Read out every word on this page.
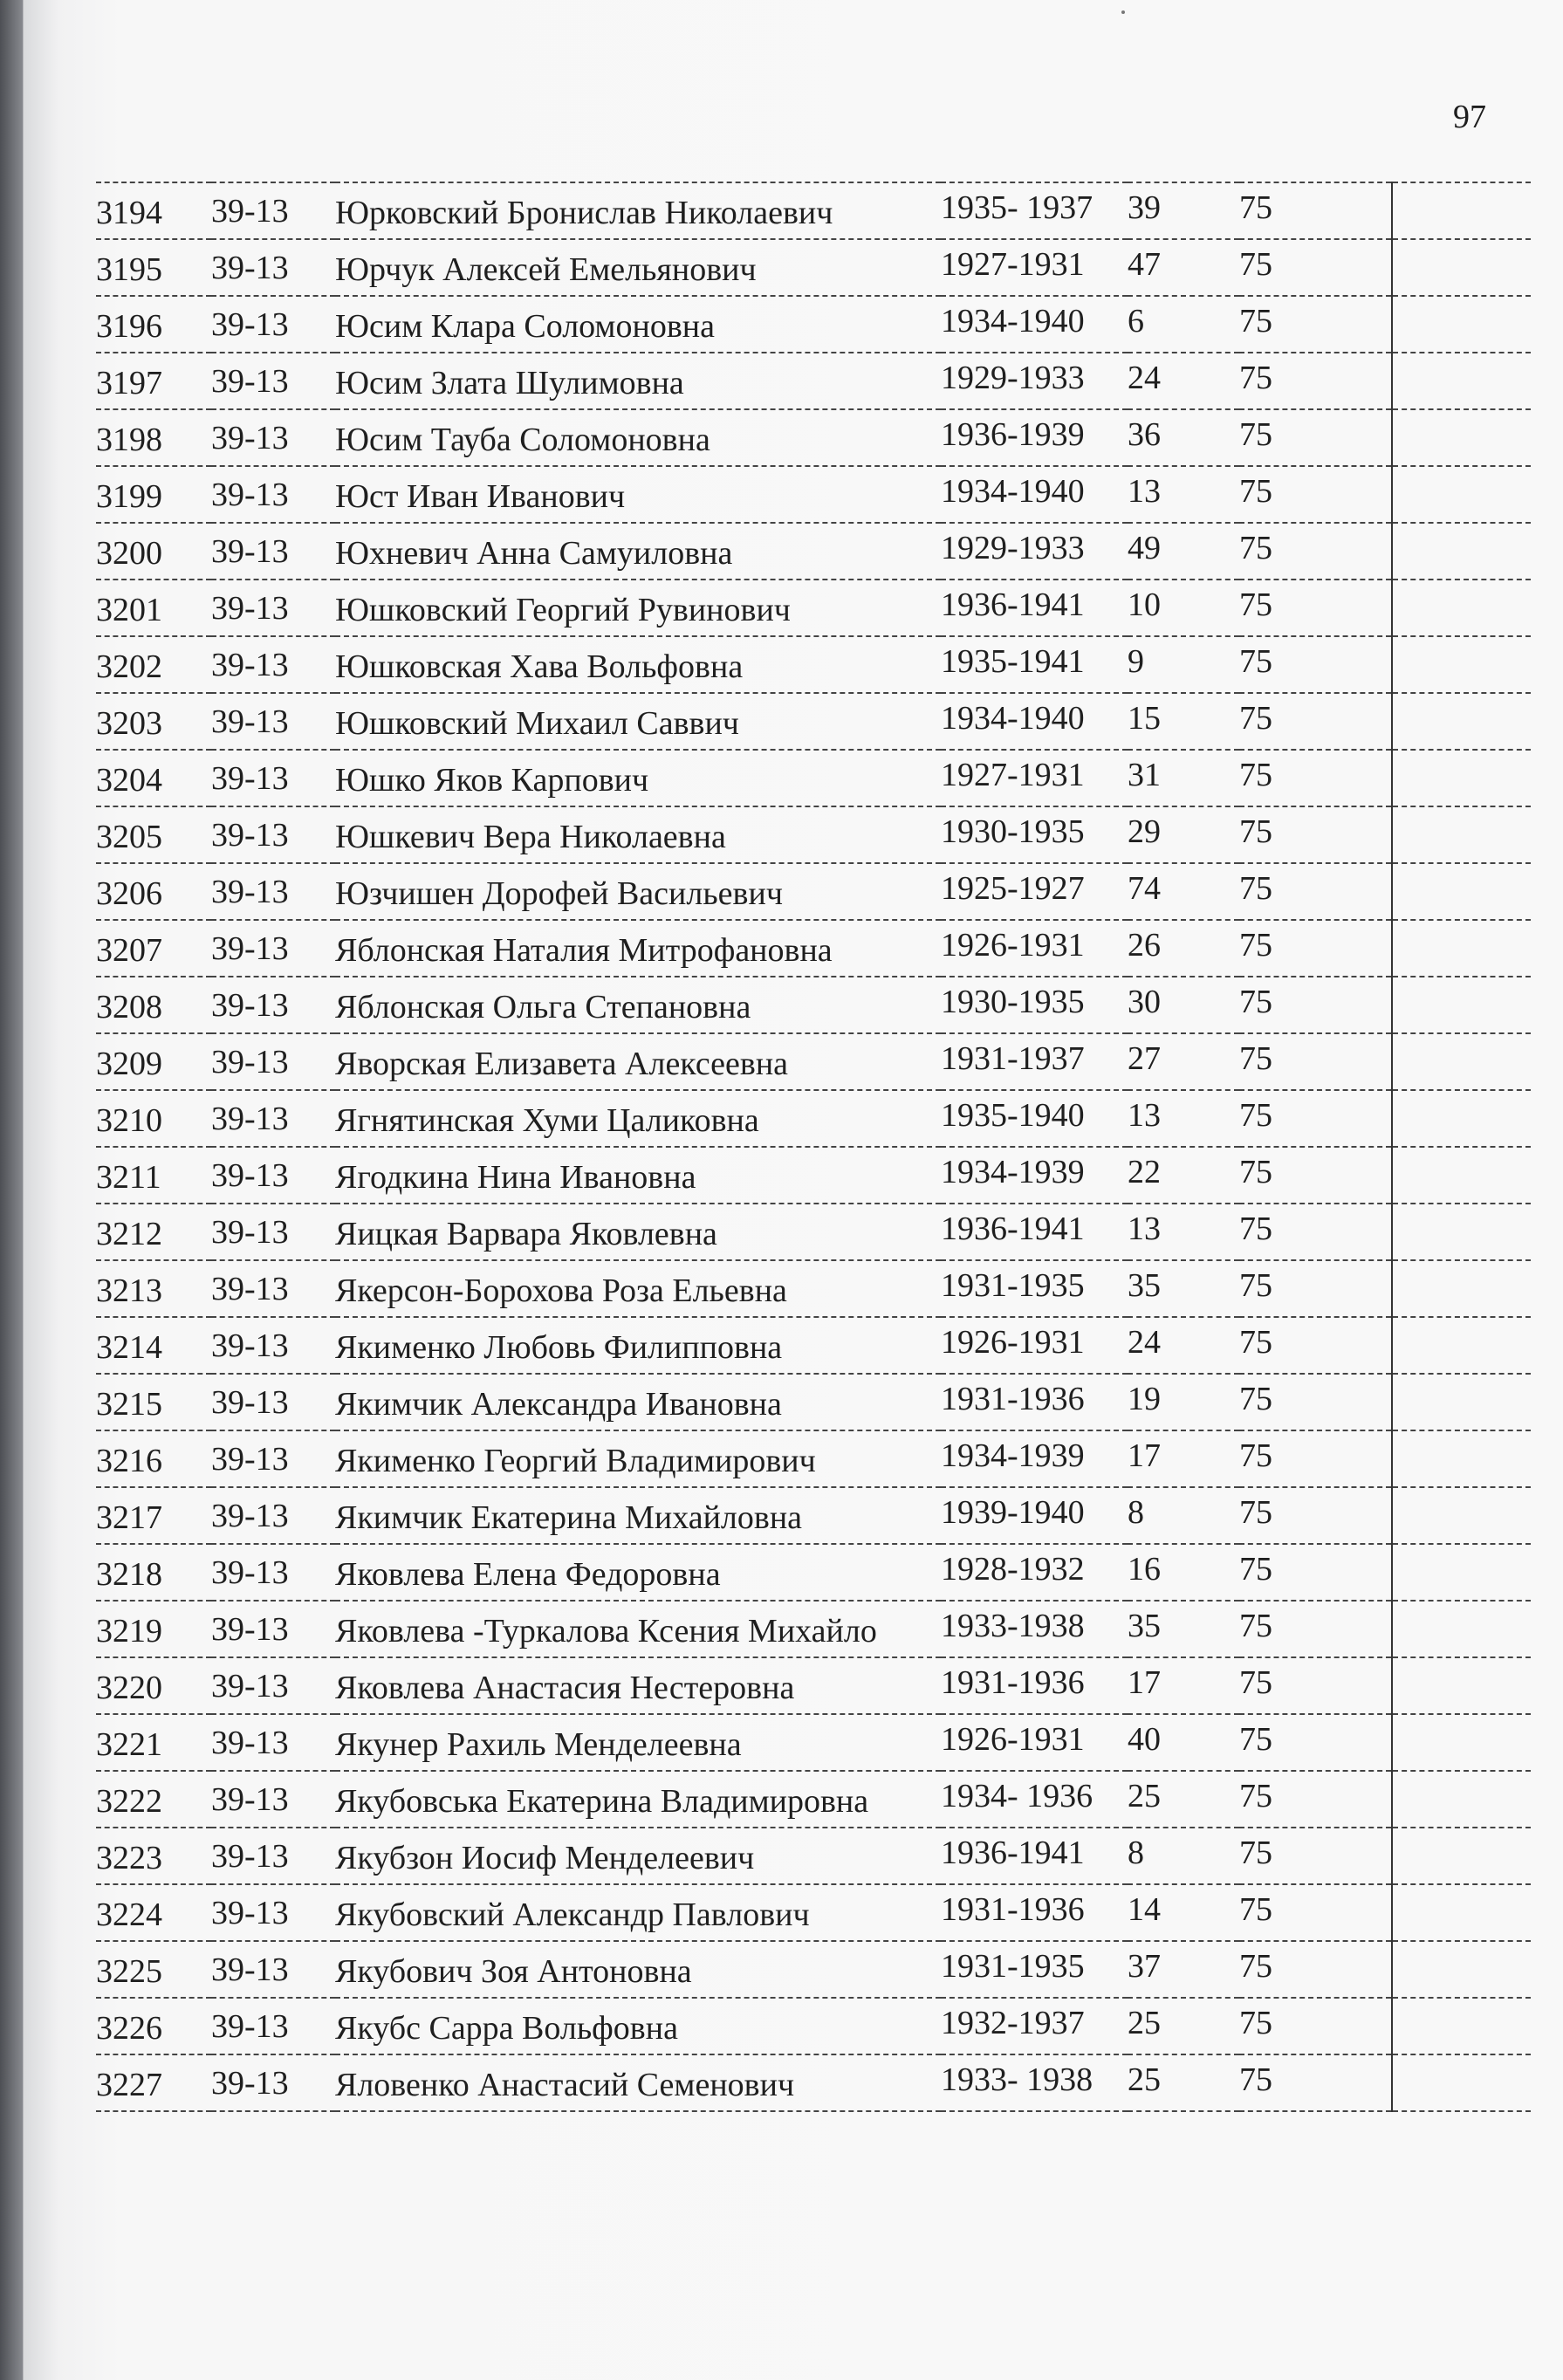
97
3194	39-13	Юрковский Бронислав Николаевич	1935- 1937	39	75	
3195	39-13	Юрчук Алексей Емельянович	1927-1931	47	75	
3196	39-13	Юсим Клара Соломоновна	1934-1940	6	75	
3197	39-13	Юсим Злата Шулимовна	1929-1933	24	75	
3198	39-13	Юсим Тауба Соломоновна	1936-1939	36	75	
3199	39-13	Юст Иван Иванович	1934-1940	13	75	
3200	39-13	Юхневич Анна Самуиловна	1929-1933	49	75	
3201	39-13	Юшковский Георгий Рувинович	1936-1941	10	75	
3202	39-13	Юшковская Хава Вольфовна	1935-1941	9	75	
3203	39-13	Юшковский Михаил Саввич	1934-1940	15	75	
3204	39-13	Юшко Яков Карпович	1927-1931	31	75	
3205	39-13	Юшкевич Вера Николаевна	1930-1935	29	75	
3206	39-13	Юзчишен Дорофей Васильевич	1925-1927	74	75	
3207	39-13	Яблонская Наталия Митрофановна	1926-1931	26	75	
3208	39-13	Яблонская Ольга Степановна	1930-1935	30	75	
3209	39-13	Яворская Елизавета Алексеевна	1931-1937	27	75	
3210	39-13	Ягнятинская Хуми Цаликовна	1935-1940	13	75	
3211	39-13	Ягодкина Нина Ивановна	1934-1939	22	75	
3212	39-13	Яицкая Варвара Яковлевна	1936-1941	13	75	
3213	39-13	Якерсон-Борохова Роза Ельевна	1931-1935	35	75	
3214	39-13	Якименко Любовь Филипповна	1926-1931	24	75	
3215	39-13	Якимчик Александра Ивановна	1931-1936	19	75	
3216	39-13	Якименко Георгий Владимирович	1934-1939	17	75	
3217	39-13	Якимчик Екатерина Михайловна	1939-1940	8	75	
3218	39-13	Яковлева Елена Федоровна	1928-1932	16	75	
3219	39-13	Яковлева -Туркалова Ксения Михайло	1933-1938	35	75	
3220	39-13	Яковлева Анастасия Нестеровна	1931-1936	17	75	
3221	39-13	Якунер Рахиль Менделеевна	1926-1931	40	75	
3222	39-13	Якубовська Екатерина Владимировна	1934- 1936	25	75	
3223	39-13	Якубзон Иосиф Менделеевич	1936-1941	8	75	
3224	39-13	Якубовский Александр Павлович	1931-1936	14	75	
3225	39-13	Якубович Зоя Антоновна	1931-1935	37	75	
3226	39-13	Якубс Сарра Вольфовна	1932-1937	25	75	
3227	39-13	Яловенко Анастасий Семенович	1933- 1938	25	75	
